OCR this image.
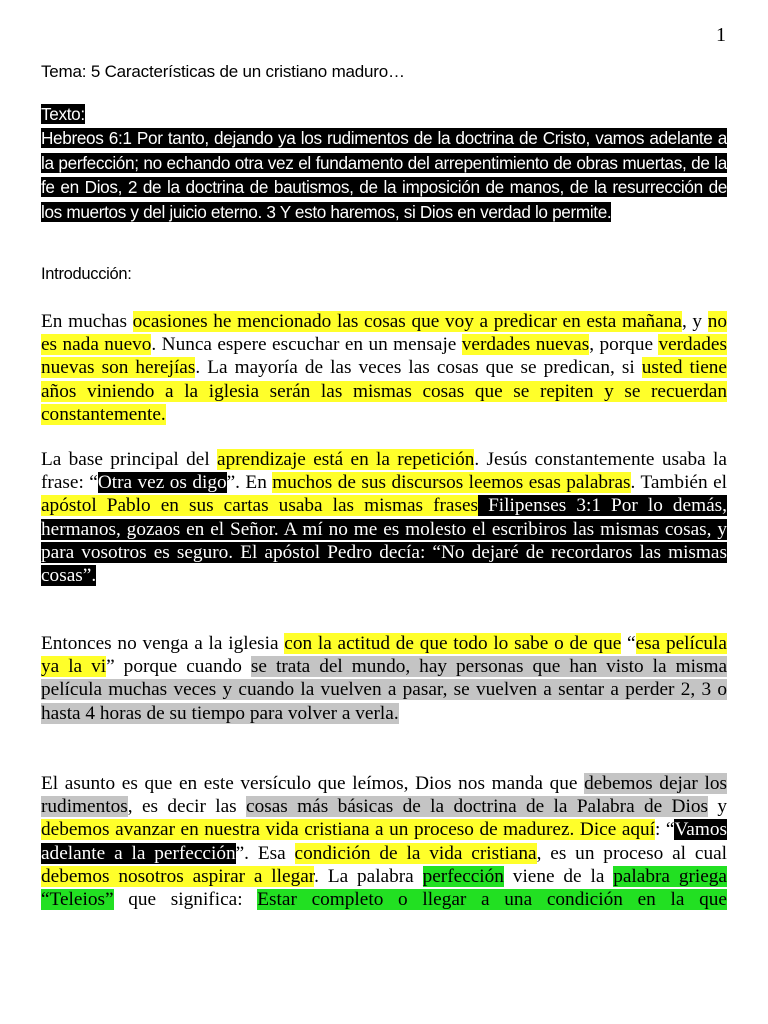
1
Tema: 5 Características de un cristiano maduro…
Texto:
Hebreos 6:1 Por tanto, dejando ya los rudimentos de la doctrina de Cristo, vamos adelante a la perfección; no echando otra vez el fundamento del arrepentimiento de obras muertas, de la fe en Dios, 2 de la doctrina de bautismos, de la imposición de manos, de la resurrección de los muertos y del juicio eterno. 3 Y esto haremos, si Dios en verdad lo permite.
Introducción:
En muchas ocasiones he mencionado las cosas que voy a predicar en esta mañana, y no es nada nuevo. Nunca espere escuchar en un mensaje verdades nuevas, porque verdades nuevas son herejías. La mayoría de las veces las cosas que se predican, si usted tiene años viniendo a la iglesia serán las mismas cosas que se repiten y se recuerdan constantemente.
La base principal del aprendizaje está en la repetición. Jesús constantemente usaba la frase: “Otra vez os digo”. En muchos de sus discursos leemos esas palabras. También el apóstol Pablo en sus cartas usaba las mismas frases Filipenses 3:1 Por lo demás, hermanos, gozaos en el Señor. A mí no me es molesto el escribiros las mismas cosas, y para vosotros es seguro. El apóstol Pedro decía: “No dejaré de recordaros las mismas cosas”.
Entonces no venga a la iglesia con la actitud de que todo lo sabe o de que “esa película ya la vi” porque cuando se trata del mundo, hay personas que han visto la misma película muchas veces y cuando la vuelven a pasar, se vuelven a sentar a perder 2, 3 o hasta 4 horas de su tiempo para volver a verla.
El asunto es que en este versículo que leímos, Dios nos manda que debemos dejar los rudimentos, es decir las cosas más básicas de la doctrina de la Palabra de Dios y debemos avanzar en nuestra vida cristiana a un proceso de madurez. Dice aquí: “Vamos adelante a la perfección”. Esa condición de la vida cristiana, es un proceso al cual debemos nosotros aspirar a llegar. La palabra perfección viene de la palabra griega “Teleios” que significa: Estar completo o llegar a una condición en la que
